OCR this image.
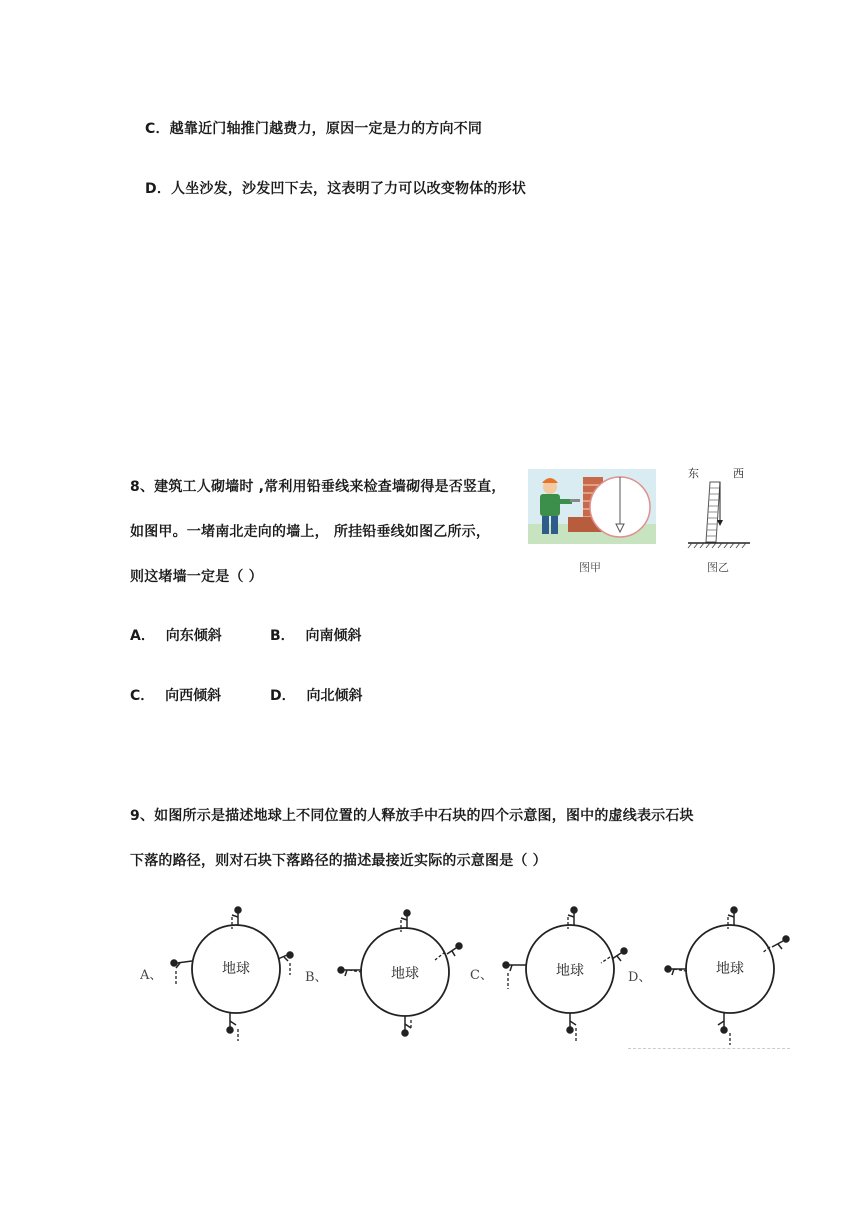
C．越靠近门轴推门越费力，原因一定是力的方向不同
D．人坐沙发，沙发凹下去，这表明了力可以改变物体的形状
8、建筑工人砌墙时 ,常利用铅垂线来检查墙砌得是否竖直，
如图甲。一堵南北走向的墙上， 所挂铅垂线如图乙所示，
则这堵墙一定是（ ）
A． 向东倾斜	B． 向南倾斜
C． 向西倾斜	D． 向北倾斜
图甲
东	西
图乙
9、如图所示是描述地球上不同位置的人释放手中石块的四个示意图，图中的虚线表示石块
下落的路径，则对石块下落路径的描述最接近实际的示意图是（ ）
A、	地球
B、	地球	C、	地球	D、
地球
